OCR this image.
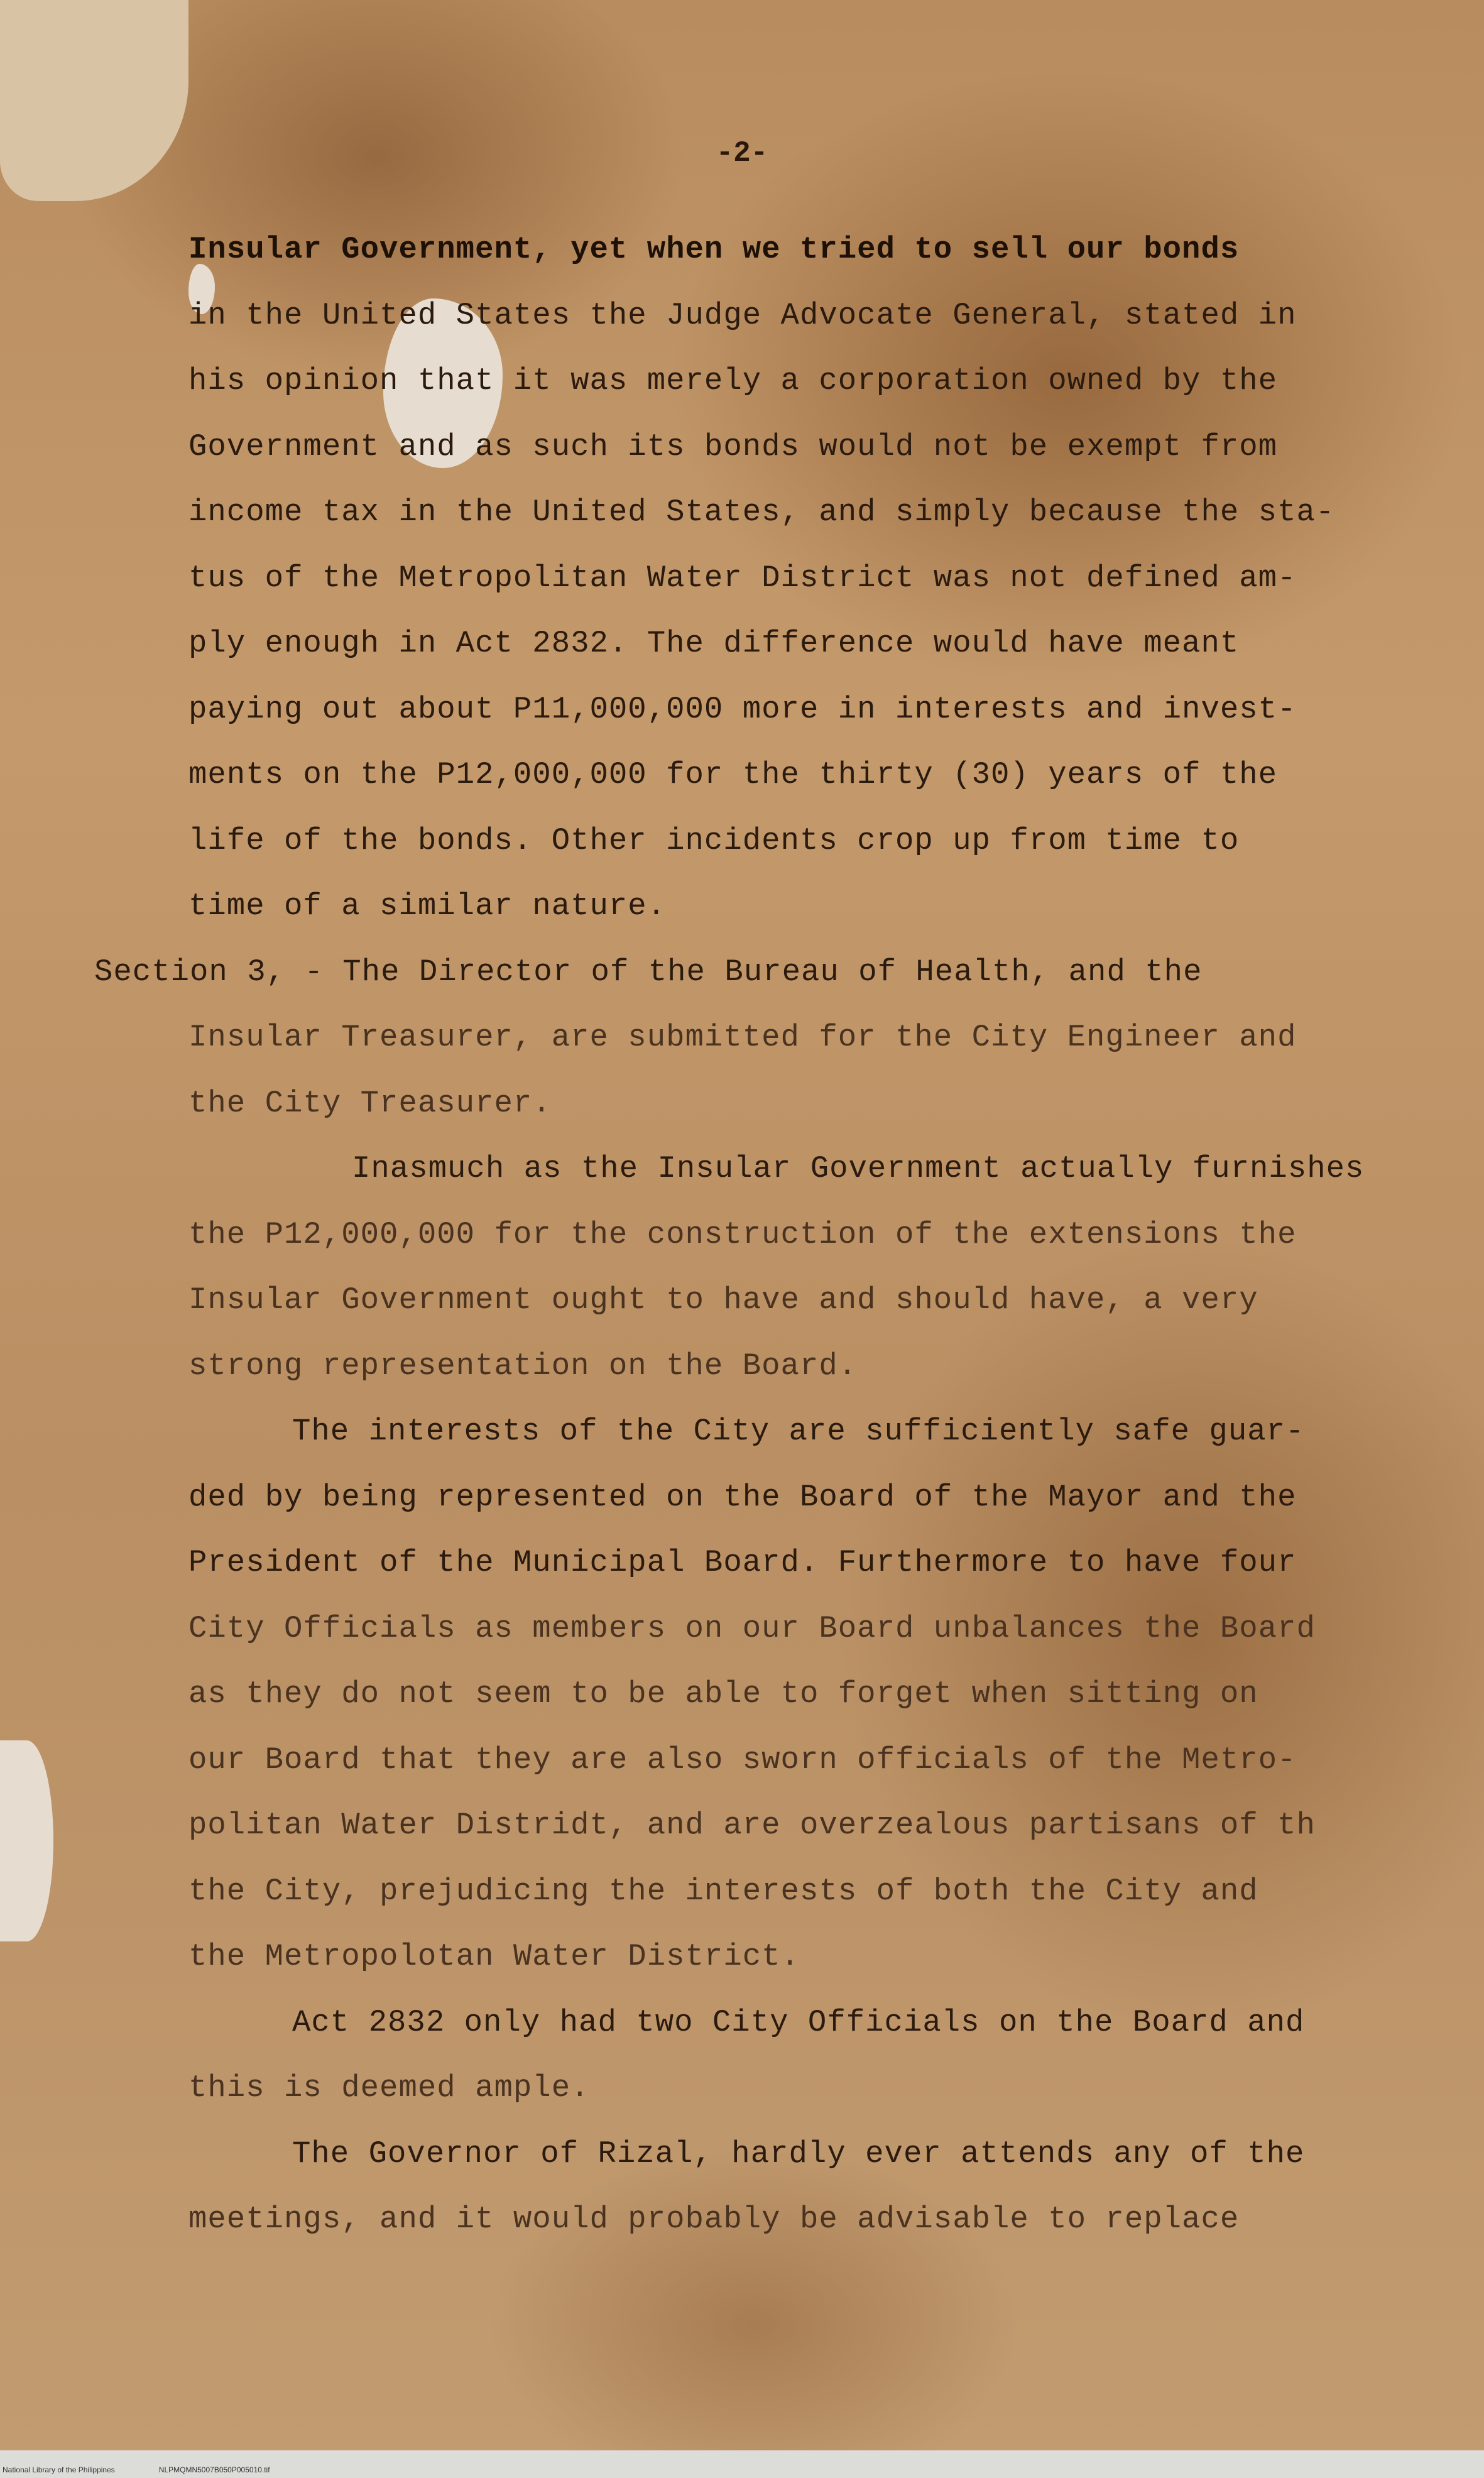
-2-
Insular Government, yet when we tried to sell our bonds
in the United States the Judge Advocate General, stated in
his opinion that it was merely a corporation owned by the
Government and as such its bonds would not be exempt from
income tax in the United States, and simply because the sta-
tus of the Metropolitan Water District was not defined am-
ply enough in Act 2832. The difference would have meant
paying out about P11,000,000 more in interests and invest-
ments on the P12,000,000 for the thirty (30) years of the
life of the bonds. Other incidents crop up from time to
time of a similar nature.
Section 3, - The Director of the Bureau of Health, and the
Insular Treasurer, are submitted for the City Engineer and
the City Treasurer.
Inasmuch as the Insular Government actually furnishes
the P12,000,000 for the construction of the extensions the
Insular Government ought to have and should have, a very
strong representation on the Board.
The interests of the City are sufficiently safe guar-
ded by being represented on the Board of the Mayor and the
President of the Municipal Board. Furthermore to have four
City Officials as members on our Board unbalances the Board
as they do not seem to be able to forget when sitting on
our Board that they are also sworn officials of the Metro-
politan Water Distridt, and are overzealous partisans of th
the City, prejudicing the interests of both the City and
the Metropolotan Water District.
Act 2832 only had two City Officials on the Board and
this is deemed ample.
The Governor of Rizal, hardly ever attends any of the
meetings, and it would probably be advisable to replace
National Library of the Philippines	NLPMQMN5007B050P005010.tif
